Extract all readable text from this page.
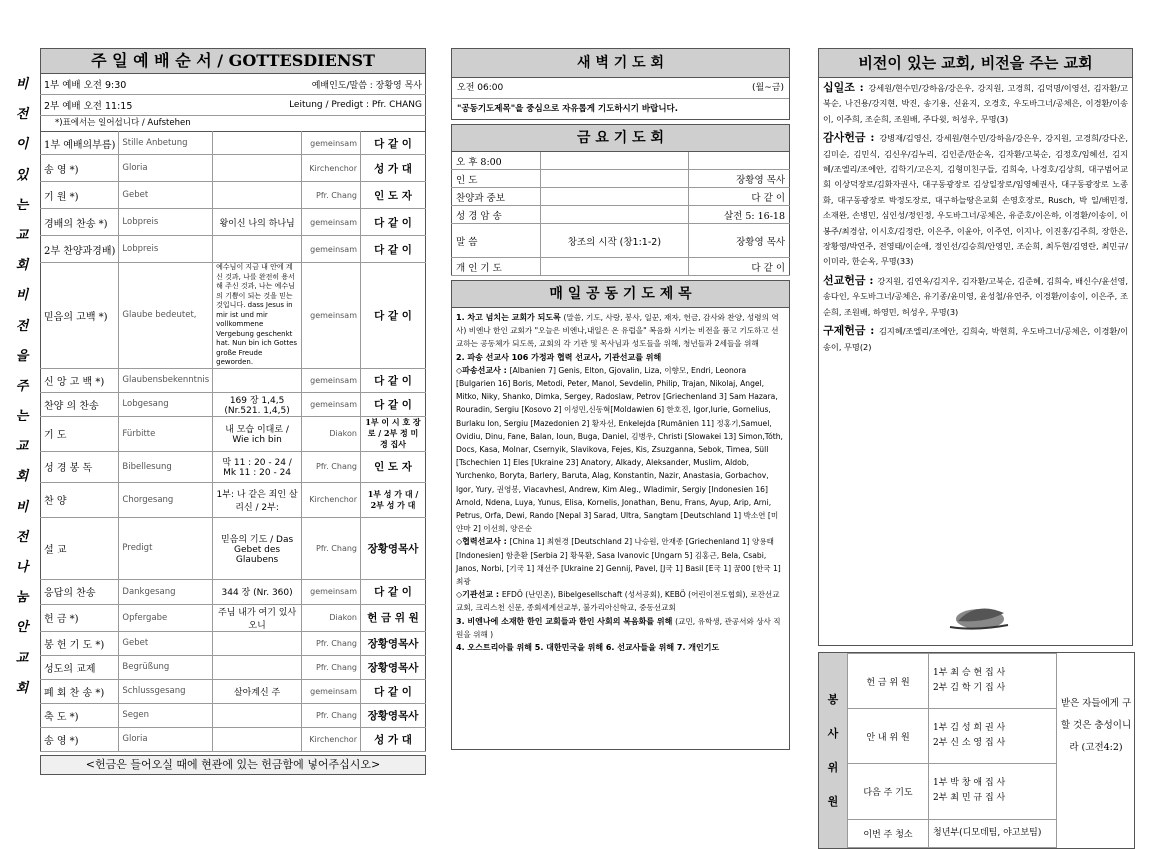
비
전
이
있
는
교
회
비
전
을
주
는
교
회
비
전
나
눔
안
교
회
주 일 예 배 순 서 / GOTTESDIENST
1부 예배 오전 9:30	예배인도/말씀 : 장황영 목사
2부 예배 오전 11:15	Leitung / Predigt : Pfr. CHANG
*)표에서는 일어섭니다 / Aufstehen
1부 예배의부름)	Stille Anbetung		gemeinsam	다 같 이
송 영 *)	Gloria		Kirchenchor	성 가 대
기 원 *)	Gebet		Pfr. Chang	인 도 자
경배의 찬송 *)	Lobpreis	왕이신 나의 하나님	gemeinsam	다 같 이
2부 찬양과경배)	Lobpreis		gemeinsam	다 같 이
믿음의 고백 *)	Glaube bedeutet,	예수님이 지금 내 안에 계신 것과, 나를 완전히 용서해 주신 것과, 나는 예수님의 기쁨이 되는 것을 믿는 것입니다. dass Jesus in mir ist und mir vollkommene Vergebung geschenkt hat. Nun bin ich Gottes große Freude geworden.	gemeinsam	다 같 이
신 앙 고 백 *)	Glaubensbekenntnis		gemeinsam	다 같 이
찬양 의 찬송	Lobgesang	169 장 1,4,5 (Nr.521. 1,4,5)	gemeinsam	다 같 이
기 도	Fürbitte	내 모습 이대로 / Wie ich bin	Diakon	1부 이 시 호 장로 / 2부 정 미 경 집사
성 경 봉 독	Bibellesung	막 11 : 20 - 24 / Mk 11 : 20 - 24	Pfr. Chang	인 도 자
찬 양	Chorgesang	1부: 나 같은 죄인 살리신 / 2부:	Kirchenchor	1부 성 가 대 / 2부 성 가 대
설 교	Predigt	믿음의 기도 / Das Gebet des Glaubens	Pfr. Chang	장황영목사
응답의 찬송	Dankgesang	344 장 (Nr. 360)	gemeinsam	다 같 이
헌 금 *)	Opfergabe	주님 내가 여기 있사오니	Diakon	헌 금 위 원
봉 헌 기 도 *)	Gebet		Pfr. Chang	장황영목사
성도의 교제	Begrüßung		Pfr. Chang	장황영목사
폐 회 찬 송 *)	Schlussgesang	살아계신 주	gemeinsam	다 같 이
축 도 *)	Segen		Pfr. Chang	장황영목사
송 영 *)	Gloria		Kirchenchor	성 가 대
<헌금은 들어오실 때에 현관에 있는 헌금함에 넣어주십시오>
새 벽 기 도 회
오전 06:00	(월~금)
"공동기도제목"을 중심으로 자유롭게 기도하시기 바랍니다.
금 요 기 도 회
오 후 8:00		
인 도		장황영 목사
찬양과 중보		다 같 이
성 경 암 송		살전 5: 16-18
말 씀	창조의 시작 (창1:1-2)	장황영 목사
개 인 기 도		다 같 이
매 일 공 동 기 도 제 목
1. 차고 넘치는 교회가 되도록 (말씀, 기도, 사랑, 봉사, 일꾼, 재자, 헌금, 감사와 찬양, 성령의 역사) 비엔나 한인 교회가 "오늘은 비엔나,내일은 온 유럽을" 복음화 시키는 비전을 품고 기도하고 선교하는 공동체가 되도록, 교회의 각 기관 및 목사님과 성도들을 위해, 청년들과 2세들을 위해
2. 파송 선교사 106 가정과 협력 선교사, 기관선교를 위해
◇파송선교사 : [Albanien 7] Genis, Elton, Gjovalin, Liza, 이향모, Endri, Leonora [Bulgarien 16] Boris, Metodi, Peter, Manol, Sevdelin, Philip, Trajan, Nikolaj, Angel, Mitko, Niky, Shanko, Dimka, Sergey, Radoslaw, Petrov [Griechenland 3] Sam Hazara, Rouradin, Sergiu [Kosovo 2] 이성민,신동혁[Moldawien 6] 한호진, Igor,Iurie, Gornelius, Burlaku Ion, Sergiu [Mazedonien 2] 황자선, Enkelejda [Rumänien 11] 정홍기,Samuel, Ovidiu, Dinu, Fane, Balan, Ioun, Buga, Daniel, 김병우, Christi [Slowakei 13] Simon,Tóth, Docs, Kasa, Molnar, Csernyik, Slavikova, Fejes, Kis, Zsuzganna, Sebok, Timea, Süll [Tschechien 1] Eles [Ukraine 23] Anatory, Alkady, Aleksander, Muslim, Aldob, Yurchenko, Boryta, Barlery, Baruta, Alag, Konstantin, Nazir, Anastasia, Gorbachov, Igor, Yury, 권영봉, Viacavhesl, Andrew, Kim Aleg., Wladimir, Sergiy [Indonesien 16] Arnold, Ndena, Luya, Yunus, Elisa, Kornelis, Jonathan, Benu, Frans, Ayup, Arip, Arni, Petrus, Orfa, Dewi, Rando [Nepal 3] Sarad, Ultra, Sangtam [Deutschland 1] 박소연 [미얀마 2] 이선희, 양은순
◇협력선교사 : [China 1] 최현경 [Deutschland 2] 나승원, 안재종 [Griechenland 1] 양용태 [Indonesien] 함춘환 [Serbia 2] 황묵환, Sasa Ivanovic [Ungarn 5] 김홍근, Bela, Csabi, Janos, Norbi, [기국 1] 채선주 [Ukraine 2] Gennij, Pavel, [J국 1] Basil [E국 1] 꿈00 [한국 1] 최광
◇기관선교 : EFDÖ (난민촌), Bibelgesellschaft (성서공회), KEBÖ (어린이전도협회), 로잔선교교회, 크리스천 신문, 종회세계선교부, 불가리아신학교, 중동선교회
3. 비엔나에 소재한 한인 교회들과 한인 사회의 복음화를 위해 (교민, 유학생, 관공서와 상사 직원을 위해 )
4. 오스트리아를 위해 5. 대한민국을 위해 6. 선교사들을 위해 7. 개인기도
비전이 있는 교회, 비전을 주는 교회
십일조 : 강세원/현수민/강하음/강은우, 강지원, 고경희, 김덕명/이영선, 김자환/고북순, 나건용/강지현, 박진, 송기용, 신윤지, 오경호, 우도바그너/공체은, 이경환/이송이, 이주희, 조순희, 조원배, 주다윗, 허성우, 무명(3)
감사헌금 : 강병재/김영신, 강세원/현수민/강하음/강은우, 강지원, 고경희/강다온, 김미순, 김민식, 김신우/김누리, 김인준/한순옥, 김자환/고북순, 김정호/임혜선, 김지혜/조엘리/조에안, 김학기/고은지, 김형미친구들, 김희숙, 나경호/김상희, 대구범어교회 이상덕장로/김화자권사, 대구동광장로 김상일장로/임영혜권사, 대구동광장로 노종화, 대구동광장로 박정도장로, 대구하늘땅은교회 손영호장로, Rusch, 박 일/배민정, 소재완, 손병민, 심인성/정인정, 우도바그너/공체은, 유준호/이은하, 이경환/이송이, 이봉주/최경삼, 이시호/김정란, 이은주, 이윤아, 이주연, 이지나, 이진홍/김주희, 장한은, 장황영/박연주, 전영태/이순애, 정인선/김승희/안영민, 조순희, 최두현/김영란, 최민규/이미라, 한순옥, 무명(33)
선교헌금 : 강지원, 김연옥/김지우, 김자환/고북순, 김준혜, 김희숙, 배신수/윤선영, 송다인, 우도바그너/공체은, 유기종/윤미영, 윤성철/유연주, 이경환/이송이, 이은주, 조순희, 조원배, 하영민, 허성우, 무명(3)
구제헌금 : 김지혜/조엘리/조에안, 김희숙, 박현희, 우도바그너/공체은, 이경환/이송이, 무명(2)
봉
사
위
원
헌 금 위 원	1부 최 승 현 집 사
2부 김 학 기 집 사

안 내 위 원	1부 김 성 희 권 사
2부 신 소 영 집 사

다음 주 기도	1부 박 창 애 집 사
2부 최 민 규 집 사

이번 주 청소	청년부(디모데팀, 야고보팀)
받은 자들에게 구할 것은 충성이니라 (고전4:2)
